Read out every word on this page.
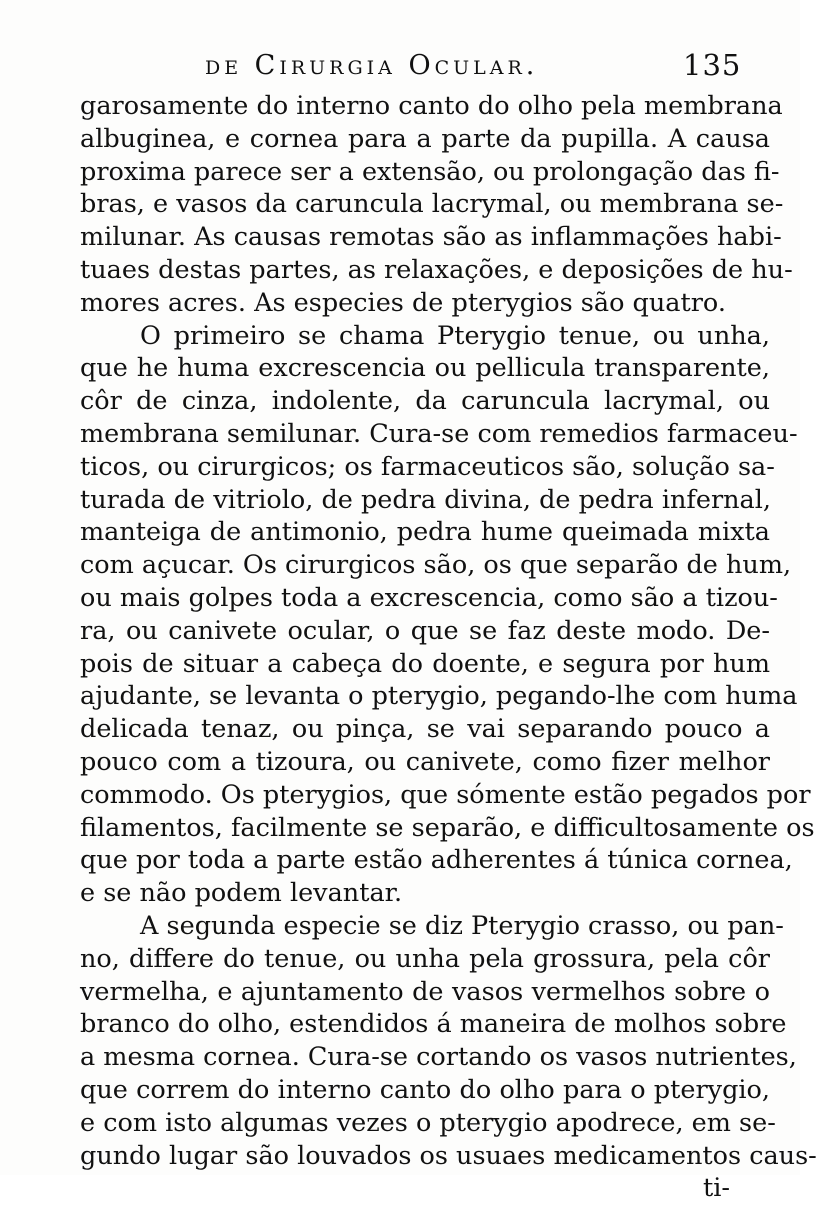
de Cirurgia Ocular.	135
garosamente do interno canto do olho pela membrana
albuginea, e cornea para a parte da pupilla. A causa
proxima parece ser a extensão, ou prolongação das fi-
bras, e vasos da caruncula lacrymal, ou membrana se-
milunar. As causas remotas são as inflammações habi-
tuaes destas partes, as relaxações, e deposições de hu-
mores acres. As especies de pterygios são quatro.
O primeiro se chama Pterygio tenue, ou unha,
que he huma excrescencia ou pellicula transparente,
côr de cinza, indolente, da caruncula lacrymal, ou
membrana semilunar. Cura-se com remedios farmaceu-
ticos, ou cirurgicos; os farmaceuticos são, solução sa-
turada de vitriolo, de pedra divina, de pedra infernal,
manteiga de antimonio, pedra hume queimada mixta
com açucar. Os cirurgicos são, os que separão de hum,
ou mais golpes toda a excrescencia, como são a tizou-
ra, ou canivete ocular, o que se faz deste modo. De-
pois de situar a cabeça do doente, e segura por hum
ajudante, se levanta o pterygio, pegando-lhe com huma
delicada tenaz, ou pinça, se vai separando pouco a
pouco com a tizoura, ou canivete, como fizer melhor
commodo. Os pterygios, que sómente estão pegados por
filamentos, facilmente se separão, e difficultosamente os
que por toda a parte estão adherentes á túnica cornea,
e se não podem levantar.
A segunda especie se diz Pterygio crasso, ou pan-
no, differe do tenue, ou unha pela grossura, pela côr
vermelha, e ajuntamento de vasos vermelhos sobre o
branco do olho, estendidos á maneira de molhos sobre
a mesma cornea. Cura-se cortando os vasos nutrientes,
que correm do interno canto do olho para o pterygio,
e com isto algumas vezes o pterygio apodrece, em se-
gundo lugar são louvados os usuaes medicamentos caus-
ti-
